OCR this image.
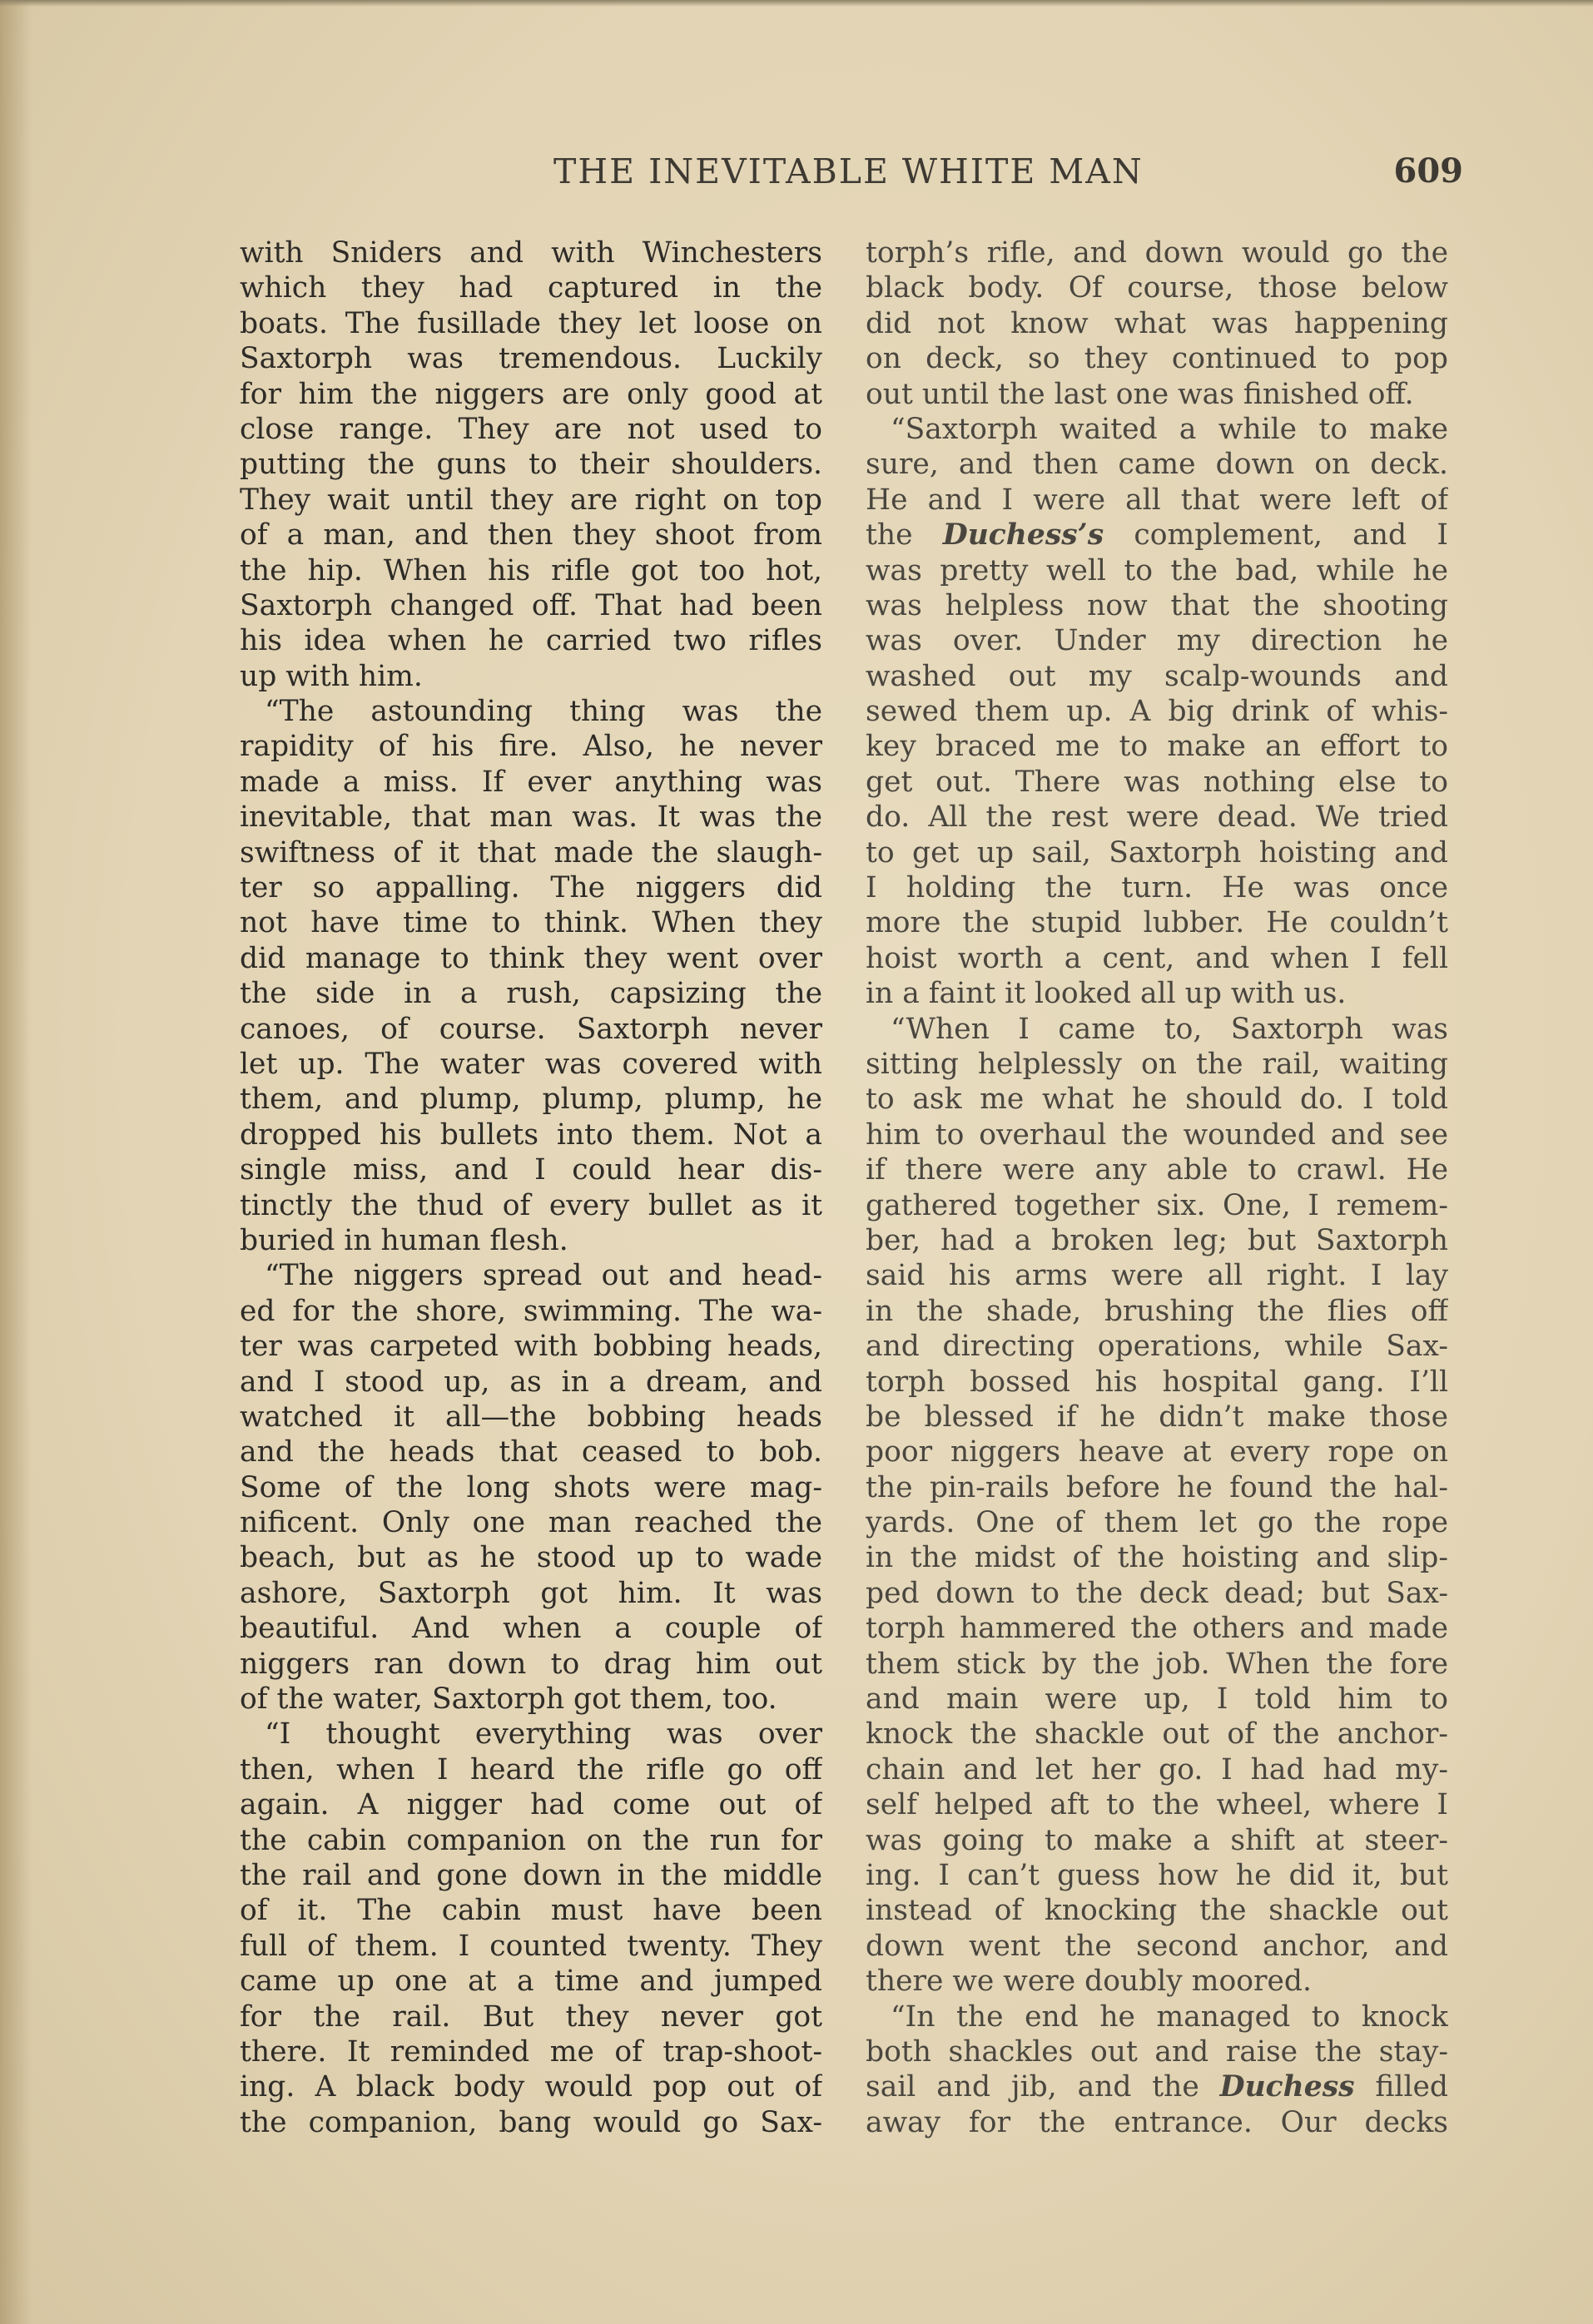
THE INEVITABLE WHITE MAN	609
with Sniders and with Winchesters
which they had captured in the
boats. The fusillade they let loose on
Saxtorph was tremendous. Luckily
for him the niggers are only good at
close range. They are not used to
putting the guns to their shoulders.
They wait until they are right on top
of a man, and then they shoot from
the hip. When his rifle got too hot,
Saxtorph changed off. That had been
his idea when he carried two rifles
up with him.
“The astounding thing was the
rapidity of his fire. Also, he never
made a miss. If ever anything was
inevitable, that man was. It was the
swiftness of it that made the slaugh-
ter so appalling. The niggers did
not have time to think. When they
did manage to think they went over
the side in a rush, capsizing the
canoes, of course. Saxtorph never
let up. The water was covered with
them, and plump, plump, plump, he
dropped his bullets into them. Not a
single miss, and I could hear dis-
tinctly the thud of every bullet as it
buried in human flesh.
“The niggers spread out and head-
ed for the shore, swimming. The wa-
ter was carpeted with bobbing heads,
and I stood up, as in a dream, and
watched it all—the bobbing heads
and the heads that ceased to bob.
Some of the long shots were mag-
nificent. Only one man reached the
beach, but as he stood up to wade
ashore, Saxtorph got him. It was
beautiful. And when a couple of
niggers ran down to drag him out
of the water, Saxtorph got them, too.
“I thought everything was over
then, when I heard the rifle go off
again. A nigger had come out of
the cabin companion on the run for
the rail and gone down in the middle
of it. The cabin must have been
full of them. I counted twenty. They
came up one at a time and jumped
for the rail. But they never got
there. It reminded me of trap-shoot-
ing. A black body would pop out of
the companion, bang would go Sax-
torph’s rifle, and down would go the
black body. Of course, those below
did not know what was happening
on deck, so they continued to pop
out until the last one was finished off.
“Saxtorph waited a while to make
sure, and then came down on deck.
He and I were all that were left of
the Duchess’s complement, and I
was pretty well to the bad, while he
was helpless now that the shooting
was over. Under my direction he
washed out my scalp-wounds and
sewed them up. A big drink of whis-
key braced me to make an effort to
get out. There was nothing else to
do. All the rest were dead. We tried
to get up sail, Saxtorph hoisting and
I holding the turn. He was once
more the stupid lubber. He couldn’t
hoist worth a cent, and when I fell
in a faint it looked all up with us.
“When I came to, Saxtorph was
sitting helplessly on the rail, waiting
to ask me what he should do. I told
him to overhaul the wounded and see
if there were any able to crawl. He
gathered together six. One, I remem-
ber, had a broken leg; but Saxtorph
said his arms were all right. I lay
in the shade, brushing the flies off
and directing operations, while Sax-
torph bossed his hospital gang. I’ll
be blessed if he didn’t make those
poor niggers heave at every rope on
the pin-rails before he found the hal-
yards. One of them let go the rope
in the midst of the hoisting and slip-
ped down to the deck dead; but Sax-
torph hammered the others and made
them stick by the job. When the fore
and main were up, I told him to
knock the shackle out of the anchor-
chain and let her go. I had had my-
self helped aft to the wheel, where I
was going to make a shift at steer-
ing. I can’t guess how he did it, but
instead of knocking the shackle out
down went the second anchor, and
there we were doubly moored.
“In the end he managed to knock
both shackles out and raise the stay-
sail and jib, and the Duchess filled
away for the entrance. Our decks
